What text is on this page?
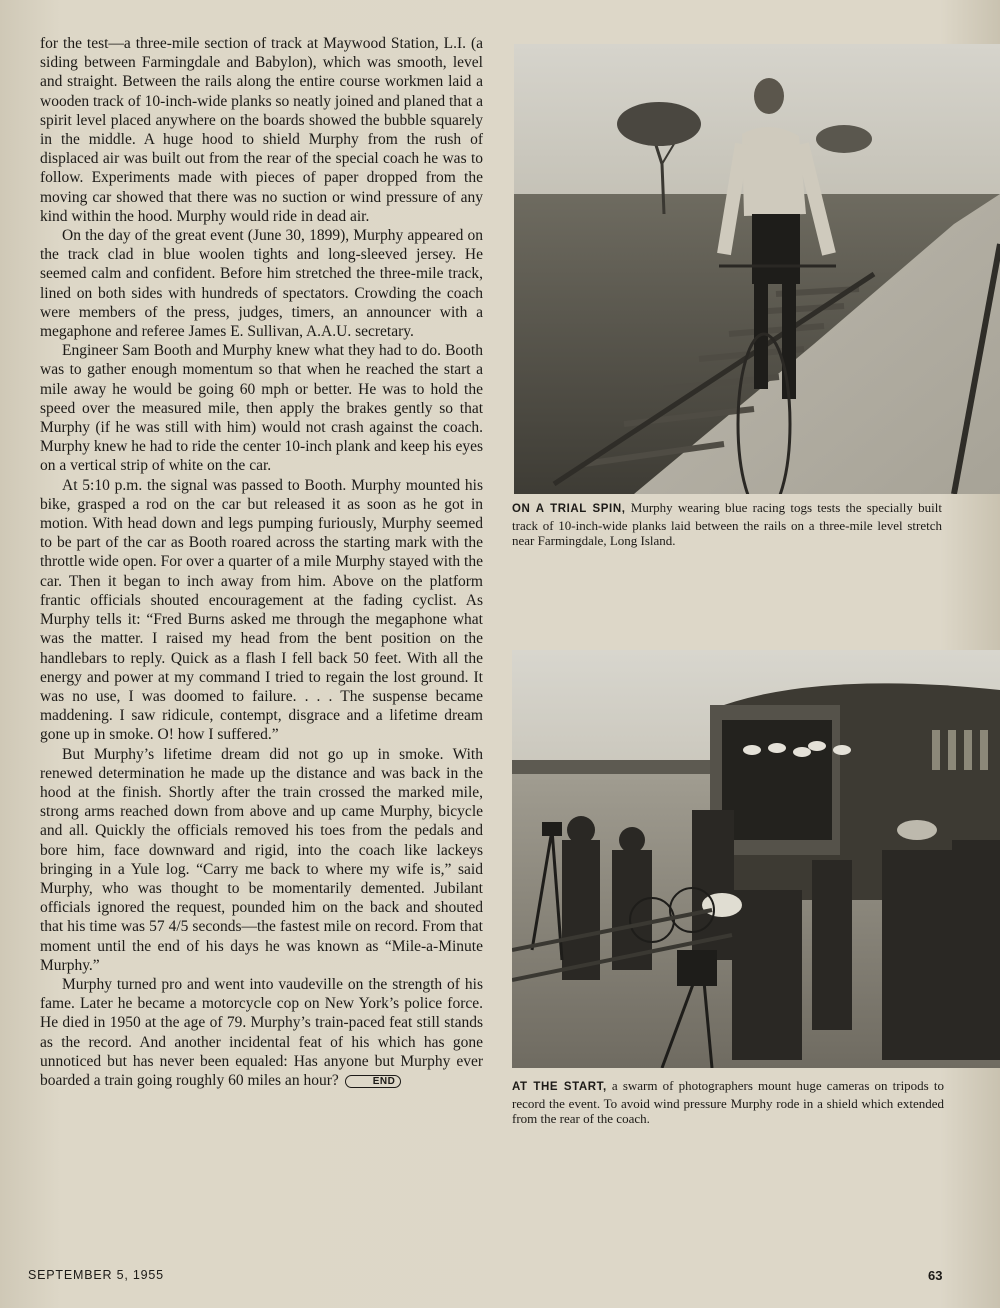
for the test—a three-mile section of track at Maywood Station, L.I. (a siding between Farmingdale and Babylon), which was smooth, level and straight. Between the rails along the entire course workmen laid a wooden track of 10-inch-wide planks so neatly joined and planed that a spirit level placed anywhere on the boards showed the bubble squarely in the middle. A huge hood to shield Murphy from the rush of displaced air was built out from the rear of the special coach he was to follow. Experiments made with pieces of paper dropped from the moving car showed that there was no suction or wind pressure of any kind within the hood. Murphy would ride in dead air.

On the day of the great event (June 30, 1899), Murphy appeared on the track clad in blue woolen tights and long-sleeved jersey. He seemed calm and confident. Before him stretched the three-mile track, lined on both sides with hundreds of spectators. Crowding the coach were members of the press, judges, timers, an announcer with a megaphone and referee James E. Sullivan, A.A.U. secretary.

Engineer Sam Booth and Murphy knew what they had to do. Booth was to gather enough momentum so that when he reached the start a mile away he would be going 60 mph or better. He was to hold the speed over the measured mile, then apply the brakes gently so that Murphy (if he was still with him) would not crash against the coach. Murphy knew he had to ride the center 10-inch plank and keep his eyes on a vertical strip of white on the car.

At 5:10 p.m. the signal was passed to Booth. Murphy mounted his bike, grasped a rod on the car but released it as soon as he got in motion. With head down and legs pumping furiously, Murphy seemed to be part of the car as Booth roared across the starting mark with the throttle wide open. For over a quarter of a mile Murphy stayed with the car. Then it began to inch away from him. Above on the platform frantic officials shouted encouragement at the fading cyclist. As Murphy tells it: “Fred Burns asked me through the megaphone what was the matter. I raised my head from the bent position on the handlebars to reply. Quick as a flash I fell back 50 feet. With all the energy and power at my command I tried to regain the lost ground. It was no use, I was doomed to failure. . . . The suspense became maddening. I saw ridicule, contempt, disgrace and a lifetime dream gone up in smoke. O! how I suffered.”

But Murphy’s lifetime dream did not go up in smoke. With renewed determination he made up the distance and was back in the hood at the finish. Shortly after the train crossed the marked mile, strong arms reached down from above and up came Murphy, bicycle and all. Quickly the officials removed his toes from the pedals and bore him, face downward and rigid, into the coach like lackeys bringing in a Yule log. “Carry me back to where my wife is,” said Murphy, who was thought to be momentarily demented. Jubilant officials ignored the request, pounded him on the back and shouted that his time was 57 4/5 seconds—the fastest mile on record. From that moment until the end of his days he was known as “Mile-a-Minute Murphy.”

Murphy turned pro and went into vaudeville on the strength of his fame. Later he became a motorcycle cop on New York’s police force. He died in 1950 at the age of 79. Murphy’s train-paced feat still stands as the record. And another incidental feat of his which has gone unnoticed but has never been equaled: Has anyone but Murphy ever boarded a train going roughly 60 miles an hour?	END

ON A TRIAL SPIN, Murphy wearing blue racing togs tests the specially built track of 10-inch-wide planks laid between the rails on a three-mile level stretch near Farmingdale, Long Island.
AT THE START, a swarm of photographers mount huge cameras on tripods to record the event. To avoid wind pressure Murphy rode in a shield which extended from the rear of the coach.
SEPTEMBER 5, 1955	63
